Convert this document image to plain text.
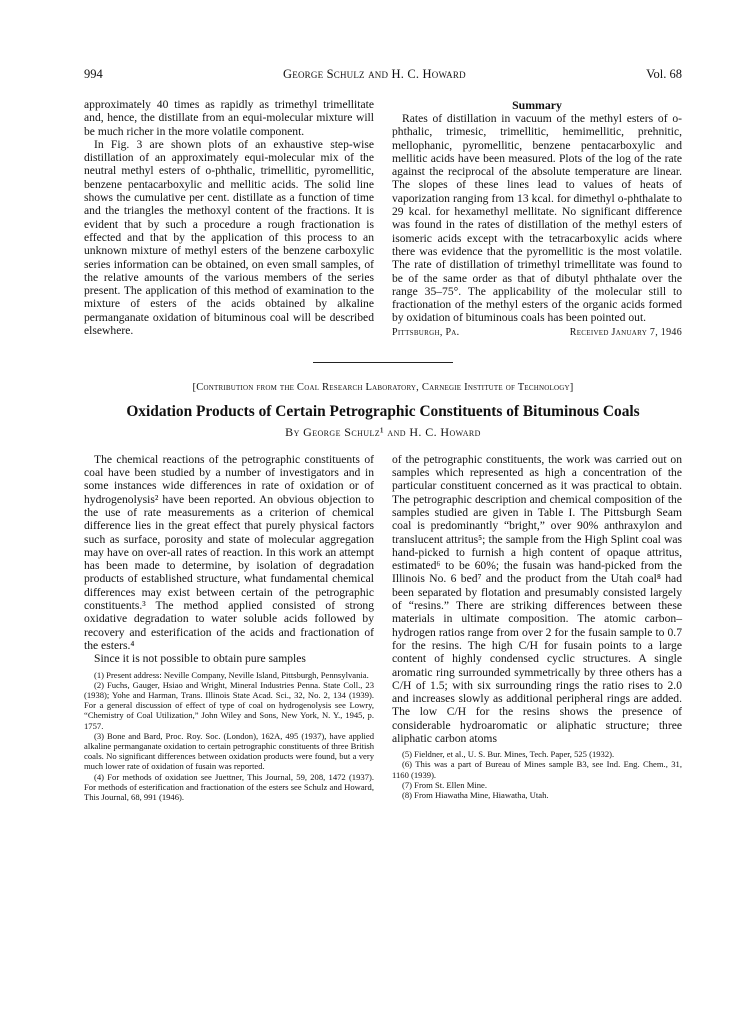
994	George Schulz and H. C. Howard	Vol. 68

approximately 40 times as rapidly as trimethyl trimellitate and, hence, the distillate from an equi-molecular mixture will be much richer in the more volatile component.

In Fig. 3 are shown plots of an exhaustive step-wise distillation of an approximately equi-molecular mix of the neutral methyl esters of o-phthalic, trimellitic, pyromellitic, benzene pentacarboxylic and mellitic acids. The solid line shows the cumulative per cent. distillate as a function of time and the triangles the methoxyl content of the fractions. It is evident that by such a procedure a rough fractionation is effected and that by the application of this process to an unknown mixture of methyl esters of the benzene carboxylic series information can be obtained, on even small samples, of the relative amounts of the various members of the series present. The application of this method of examination to the mixture of esters of the acids obtained by alkaline permanganate oxidation of bituminous coal will be described elsewhere.

Summary

Rates of distillation in vacuum of the methyl esters of o-phthalic, trimesic, trimellitic, hemimellitic, prehnitic, mellophanic, pyromellitic, benzene pentacarboxylic and mellitic acids have been measured. Plots of the log of the rate against the reciprocal of the absolute temperature are linear. The slopes of these lines lead to values of heats of vaporization ranging from 13 kcal. for dimethyl o-phthalate to 29 kcal. for hexamethyl mellitate. No significant difference was found in the rates of distillation of the methyl esters of isomeric acids except with the tetracarboxylic acids where there was evidence that the pyromellitic is the most volatile. The rate of distillation of trimethyl trimellitate was found to be of the same order as that of dibutyl phthalate over the range 35–75°. The applicability of the molecular still to fractionation of the methyl esters of the organic acids formed by oxidation of bituminous coals has been pointed out.

Pittsburgh, Pa.	Received January 7, 1946
[Contribution from the Coal Research Laboratory, Carnegie Institute of Technology]
Oxidation Products of Certain Petrographic Constituents of Bituminous Coals
By George Schulz¹ and H. C. Howard

The chemical reactions of the petrographic constituents of coal have been studied by a number of investigators and in some instances wide differences in rate of oxidation or of hydrogenolysis² have been reported. An obvious objection to the use of rate measurements as a criterion of chemical difference lies in the great effect that purely physical factors such as surface, porosity and state of molecular aggregation may have on over-all rates of reaction. In this work an attempt has been made to determine, by isolation of degradation products of established structure, what fundamental chemical differences may exist between certain of the petrographic constituents.³ The method applied consisted of strong oxidative degradation to water soluble acids followed by recovery and esterification of the acids and fractionation of the esters.⁴

Since it is not possible to obtain pure samples

(1) Present address: Neville Company, Neville Island, Pittsburgh, Pennsylvania.

(2) Fuchs, Gauger, Hsiao and Wright, Mineral Industries Penna. State Coll., 23 (1938); Yohe and Harman, Trans. Illinois State Acad. Sci., 32, No. 2, 134 (1939). For a general discussion of effect of type of coal on hydrogenolysis see Lowry, “Chemistry of Coal Utilization,” John Wiley and Sons, New York, N. Y., 1945, p. 1757.

(3) Bone and Bard, Proc. Roy. Soc. (London), 162A, 495 (1937), have applied alkaline permanganate oxidation to certain petrographic constituents of three British coals. No significant differences between oxidation products were found, but a very much lower rate of oxidation of fusain was reported.

(4) For methods of oxidation see Juettner, This Journal, 59, 208, 1472 (1937). For methods of esterification and fractionation of the esters see Schulz and Howard, This Journal, 68, 991 (1946).

of the petrographic constituents, the work was carried out on samples which represented as high a concentration of the particular constituent concerned as it was practical to obtain. The petrographic description and chemical composition of the samples studied are given in Table I. The Pittsburgh Seam coal is predominantly “bright,” over 90% anthraxylon and translucent attritus⁵; the sample from the High Splint coal was hand-picked to furnish a high content of opaque attritus, estimated⁶ to be 60%; the fusain was hand-picked from the Illinois No. 6 bed⁷ and the product from the Utah coal⁸ had been separated by flotation and presumably consisted largely of “resins.” There are striking differences between these materials in ultimate composition. The atomic carbon–hydrogen ratios range from over 2 for the fusain sample to 0.7 for the resins. The high C/H for fusain points to a large content of highly condensed cyclic structures. A single aromatic ring surrounded symmetrically by three others has a C/H of 1.5; with six surrounding rings the ratio rises to 2.0 and increases slowly as additional peripheral rings are added. The low C/H for the resins shows the presence of considerable hydroaromatic or aliphatic structure; three aliphatic carbon atoms

(5) Fieldner, et al., U. S. Bur. Mines, Tech. Paper, 525 (1932).

(6) This was a part of Bureau of Mines sample B3, see Ind. Eng. Chem., 31, 1160 (1939).

(7) From St. Ellen Mine.

(8) From Hiawatha Mine, Hiawatha, Utah.
